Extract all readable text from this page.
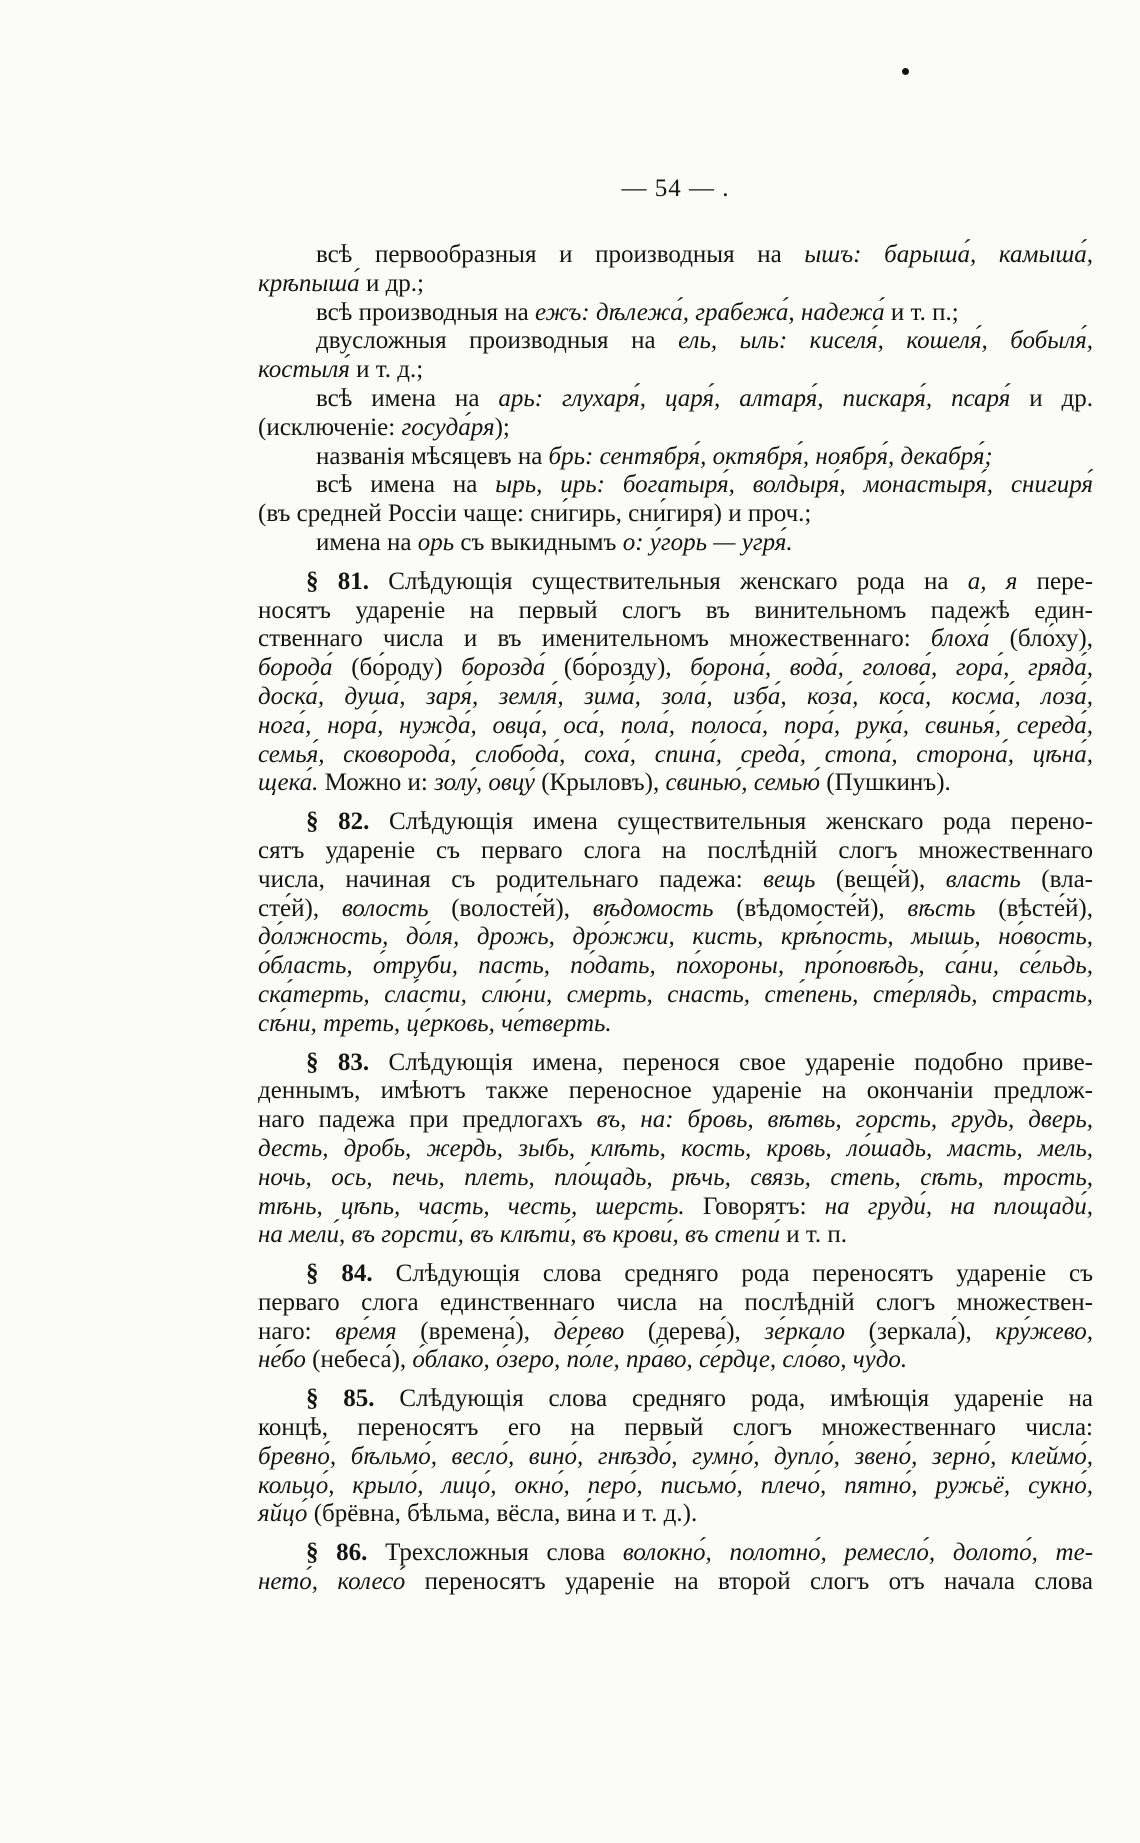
— 54 — .
всѣ первообразныя и производныя на ышъ: барыша́, камыша́,
крѣпыша́ и др.;
всѣ производныя на ежъ: дѣлежа́, грабежа́, надежа́ и т. п.;
двусложныя производныя на ель, ыль: киселя́, кошеля́, бобыля́,
костыля́ и т. д.;
всѣ имена на арь: глухаря́, царя́, алтаря́, пискаря́, псаря́ и др.
(исключеніе: госуда́ря);
названія мѣсяцевъ на брь: сентября́, октября́, ноября́, декабря́;
всѣ имена на ырь, ирь: богатыря́, волдыря́, монастыря́, снигиря́
(въ средней Россіи чаще: сни́гирь, сни́гиря) и проч.;
имена на орь съ выкиднымъ о: у́горь — угря́.
§ 81. Слѣдующія существительныя женскаго рода на а, я пере-
носятъ удареніе на первый слогъ въ винительномъ падежѣ един-
ственнаго числа и въ именительномъ множественнаго: блоха́ (бло́ху),
борода́ (бо́роду) борозда́ (бо́розду), борона́, вода́, голова́, гора́, гряда́,
доска́, душа́, заря́, земля́, зима́, зола́, изба́, коза́, коса́, косма́, лоза́,
нога́, нора́, нужда́, овца́, оса́, пола́, полоса́, пора́, рука́, свинья́, середа́,
семья́, сковорода́, слобода́, соха́, спина́, среда́, стопа́, сторона́, цѣна́,
щека́. Можно и: золу́, овцу́ (Крыловъ), свинью́, семью́ (Пушкинъ).
§ 82. Слѣдующія имена существительныя женскаго рода перено-
сятъ удареніе съ перваго слога на послѣдній слогъ множественнаго
числа, начиная съ родительнаго падежа: вещь (веще́й), власть (вла-
сте́й), волость (волосте́й), вѣдомость (вѣдомосте́й), вѣсть (вѣсте́й),
до́лжность, до́ля, дрожь, дро́жжи, кисть, крѣ́пость, мышь, но́вость,
о́бласть, о́труби, пасть, по́дать, по́хороны, про́повѣдь, са́ни, се́льдь,
ска́терть, сла́сти, слю́ни, смерть, снасть, сте́пень, сте́рлядь, страсть,
сѣ́ни, треть, це́рковь, че́тверть.
§ 83. Слѣдующія имена, перенося свое удареніе подобно приве-
деннымъ, имѣютъ также переносное удареніе на окончаніи предлож-
наго падежа при предлогахъ въ, на: бровь, вѣтвь, горсть, грудь, дверь,
десть, дробь, жердь, зыбь, клѣть, кость, кровь, ло́шадь, масть, мель,
ночь, ось, печь, плеть, пло́щадь, рѣчь, связь, степь, сѣть, трость,
тѣнь, цѣпь, часть, честь, шерсть. Говорятъ: на груди́, на площади́,
на мели́, въ горсти́, въ клѣти́, въ крови́, въ степи́ и т. п.
§ 84. Слѣдующія слова средняго рода переносятъ удареніе съ
перваго слога единственнаго числа на послѣдній слогъ множествен-
наго: вре́мя (времена́), де́рево (дерева́), зе́ркало (зеркала́), кру́жево,
не́бо (небеса́), о́блако, о́зеро, по́ле, пра́во, се́рдце, сло́во, чу́до.
§ 85. Слѣдующія слова средняго рода, имѣющія удареніе на
концѣ, переносятъ его на первый слогъ множественнаго числа:
бревно́, бѣльмо́, весло́, вино́, гнѣздо́, гумно́, дупло́, звено́, зерно́, клеймо́,
кольцо́, крыло́, лицо́, окно́, перо́, письмо́, плечо́, пятно́, ружьё, сукно́,
яйцо́ (брёвна, бѣльма, вёсла, ви́на и т. д.).
§ 86. Трехсложныя слова волокно́, полотно́, ремесло́, долото́, те-
нето́, колесо́ переносятъ удареніе на второй слогъ отъ начала слова
